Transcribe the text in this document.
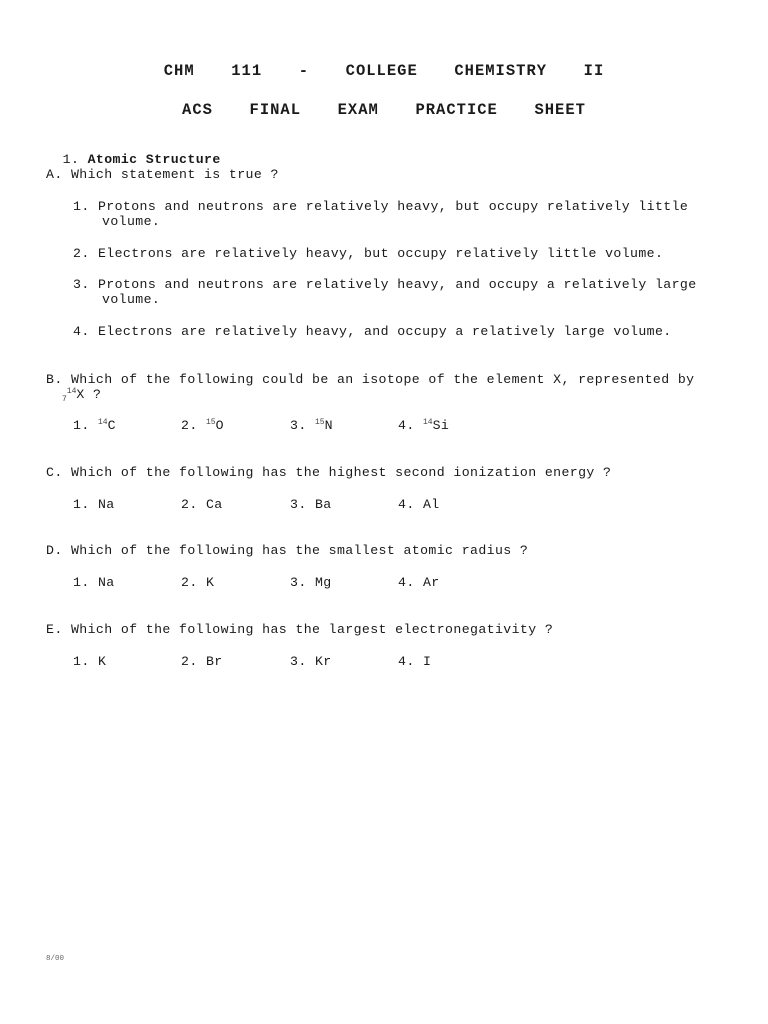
CHM  111  -  COLLEGE  CHEMISTRY  II
ACS  FINAL  EXAM  PRACTICE  SHEET

1. Atomic Structure

A. Which statement is true ?
1. Protons and neutrons are relatively heavy, but occupy relatively little
volume.
2. Electrons are relatively heavy, but occupy relatively little volume.
3. Protons and neutrons are relatively heavy, and occupy a relatively large
volume.
4. Electrons are relatively heavy, and occupy a relatively large volume.
B. Which of the following could be an isotope of the element X, represented by
$_7^{14}$X ?
1. $^{14}$C	2. $^{15}$O	3. $^{15}$N	4. $^{14}$Si
C. Which of the following has the highest second ionization energy ?
1. Na	2. Ca	3. Ba	4. Al
D. Which of the following has the smallest atomic radius ?
1. Na	2. K	3. Mg	4. Ar
E. Which of the following has the largest electronegativity ?
1. K	2. Br	3. Kr	4. I
8/00
